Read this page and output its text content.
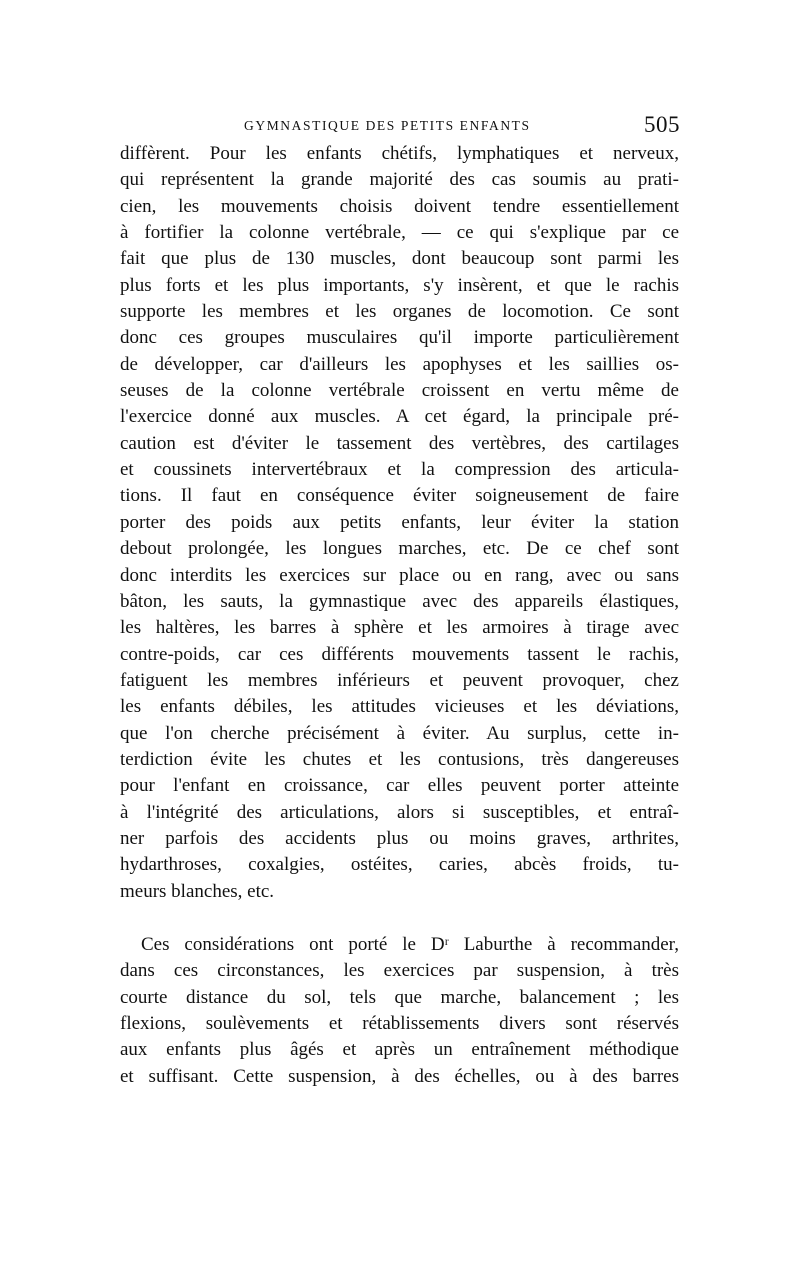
GYMNASTIQUE DES PETITS ENFANTS	505
diffèrent. Pour les enfants chétifs, lymphatiques et nerveux,
qui représentent la grande majorité des cas soumis au prati-
cien, les mouvements choisis doivent tendre essentiellement
à fortifier la colonne vertébrale, — ce qui s'explique par ce
fait que plus de 130 muscles, dont beaucoup sont parmi les
plus forts et les plus importants, s'y insèrent, et que le rachis
supporte les membres et les organes de locomotion. Ce sont
donc ces groupes musculaires qu'il importe particulièrement
de développer, car d'ailleurs les apophyses et les saillies os-
seuses de la colonne vertébrale croissent en vertu même de
l'exercice donné aux muscles. A cet égard, la principale pré-
caution est d'éviter le tassement des vertèbres, des cartilages
et coussinets intervertébraux et la compression des articula-
tions. Il faut en conséquence éviter soigneusement de faire
porter des poids aux petits enfants, leur éviter la station
debout prolongée, les longues marches, etc. De ce chef sont
donc interdits les exercices sur place ou en rang, avec ou sans
bâton, les sauts, la gymnastique avec des appareils élastiques,
les haltères, les barres à sphère et les armoires à tirage avec
contre-poids, car ces différents mouvements tassent le rachis,
fatiguent les membres inférieurs et peuvent provoquer, chez
les enfants débiles, les attitudes vicieuses et les déviations,
que l'on cherche précisément à éviter. Au surplus, cette in-
terdiction évite les chutes et les contusions, très dangereuses
pour l'enfant en croissance, car elles peuvent porter atteinte
à l'intégrité des articulations, alors si susceptibles, et entraî-
ner parfois des accidents plus ou moins graves, arthrites,
hydarthroses, coxalgies, ostéites, caries, abcès froids, tu-
meurs blanches, etc.
Ces considérations ont porté le Dʳ Laburthe à recommander,
dans ces circonstances, les exercices par suspension, à très
courte distance du sol, tels que marche, balancement ; les
flexions, soulèvements et rétablissements divers sont réservés
aux enfants plus âgés et après un entraînement méthodique
et suffisant. Cette suspension, à des échelles, ou à des barres
